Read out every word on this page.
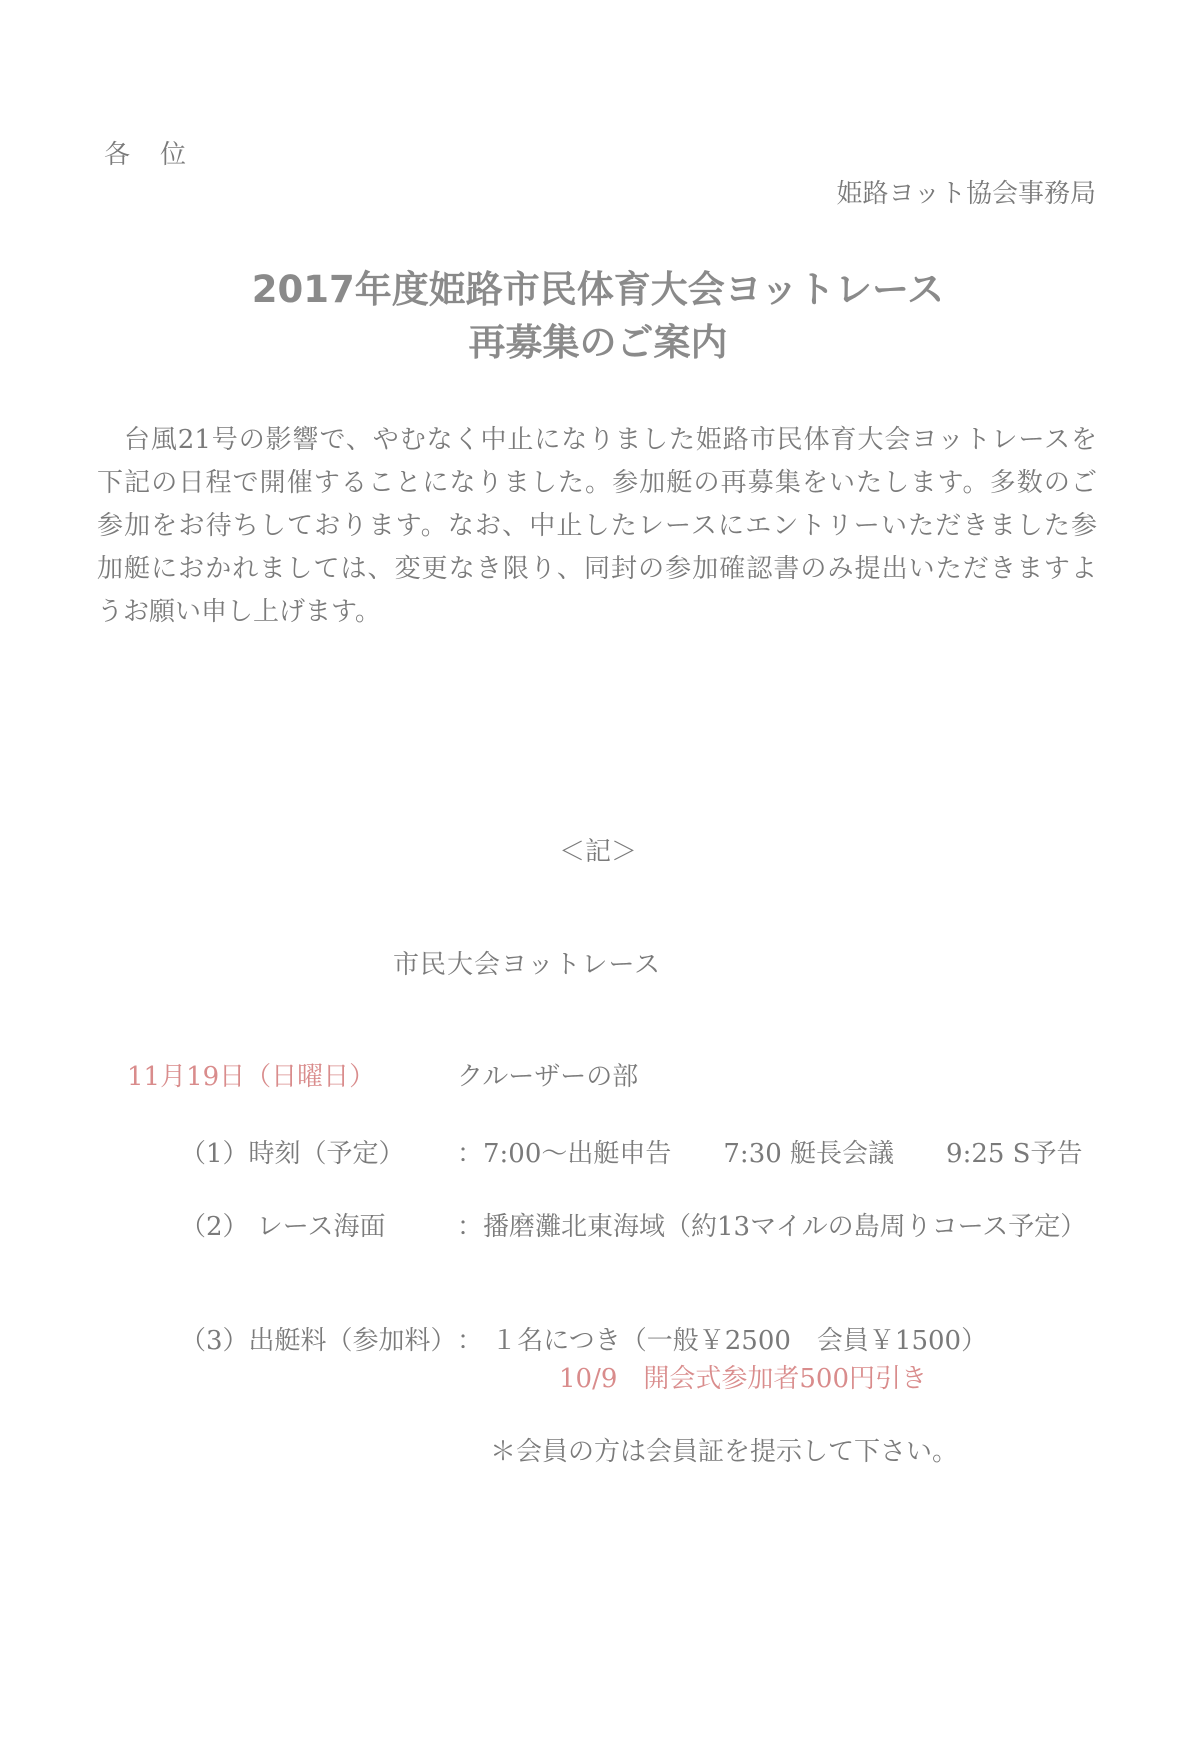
各　位
姫路ヨット協会事務局
2017年度姫路市民体育大会ヨットレース
再募集のご案内
　台風21号の影響で、やむなく中止になりました姫路市民体育大会ヨットレースを
下記の日程で開催することになりました。参加艇の再募集をいたします。多数のご
参加をお待ちしております。なお、中止したレースにエントリーいただきました参
加艇におかれましては、変更なき限り、同封の参加確認書のみ提出いただきますよ
うお願い申し上げます。
＜記＞
市民大会ヨットレース
11月19日（日曜日）	クルーザーの部
（1）時刻（予定） ：7:00～出艇申告　　7:30 艇長会議　　9:25 S予告
（2） レース海面	：播磨灘北東海域（約13マイルの島周りコース予定）
（3）出艇料（参加料） ： １名につき（一般￥2500　会員￥1500）
10/9　開会式参加者500円引き
＊会員の方は会員証を提示して下さい。
